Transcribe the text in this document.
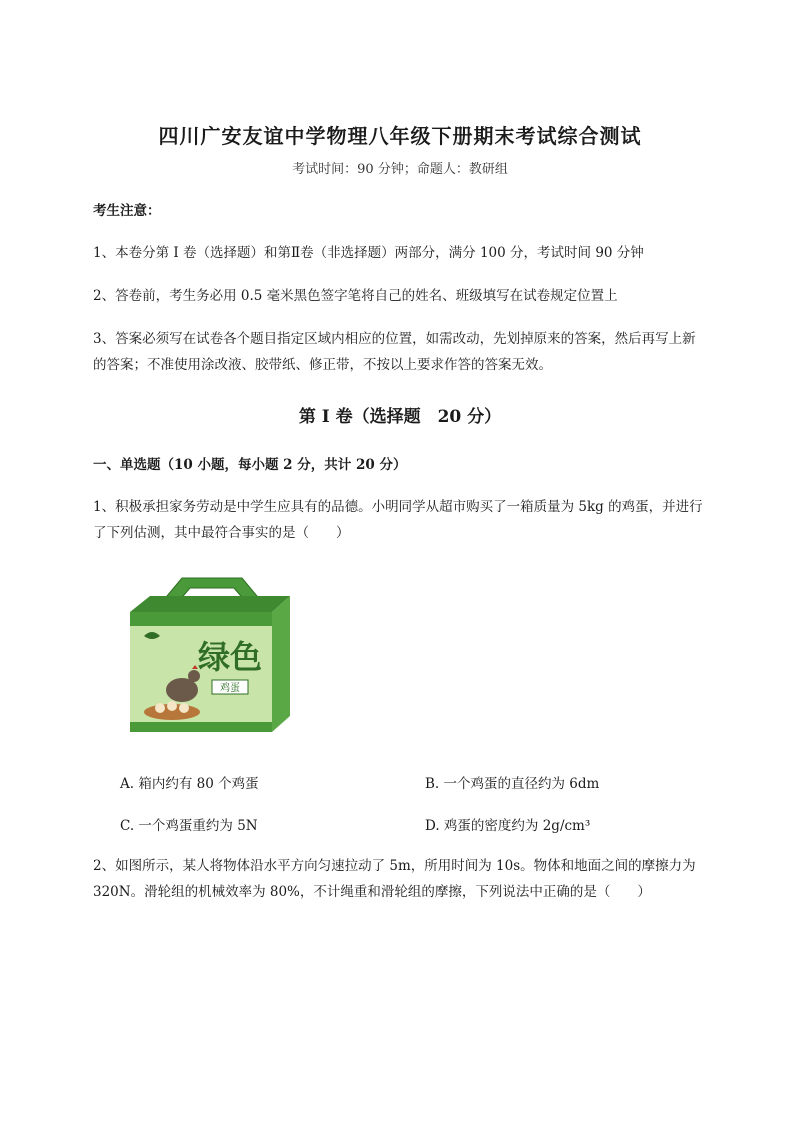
四川广安友谊中学物理八年级下册期末考试综合测试
考试时间：90 分钟；命题人：教研组
考生注意：
1、本卷分第 I 卷（选择题）和第Ⅱ卷（非选择题）两部分，满分 100 分，考试时间 90 分钟
2、答卷前，考生务必用 0.5 毫米黑色签字笔将自己的姓名、班级填写在试卷规定位置上
3、答案必须写在试卷各个题目指定区域内相应的位置，如需改动，先划掉原来的答案，然后再写上新的答案；不准使用涂改液、胶带纸、修正带，不按以上要求作答的答案无效。
第 I 卷（选择题　20 分）
一、单选题（10 小题，每小题 2 分，共计 20 分）
1、积极承担家务劳动是中学生应具有的品德。小明同学从超市购买了一箱质量为 5kg 的鸡蛋，并进行了下列估测，其中最符合事实的是（　　）
绿色
鸡蛋
A. 箱内约有 80 个鸡蛋	B. 一个鸡蛋的直径约为 6dm
C. 一个鸡蛋重约为 5N	D. 鸡蛋的密度约为 2g/cm³
2、如图所示，某人将物体沿水平方向匀速拉动了 5m，所用时间为 10s。物体和地面之间的摩擦力为 320N。滑轮组的机械效率为 80%，不计绳重和滑轮组的摩擦，下列说法中正确的是（　　）
